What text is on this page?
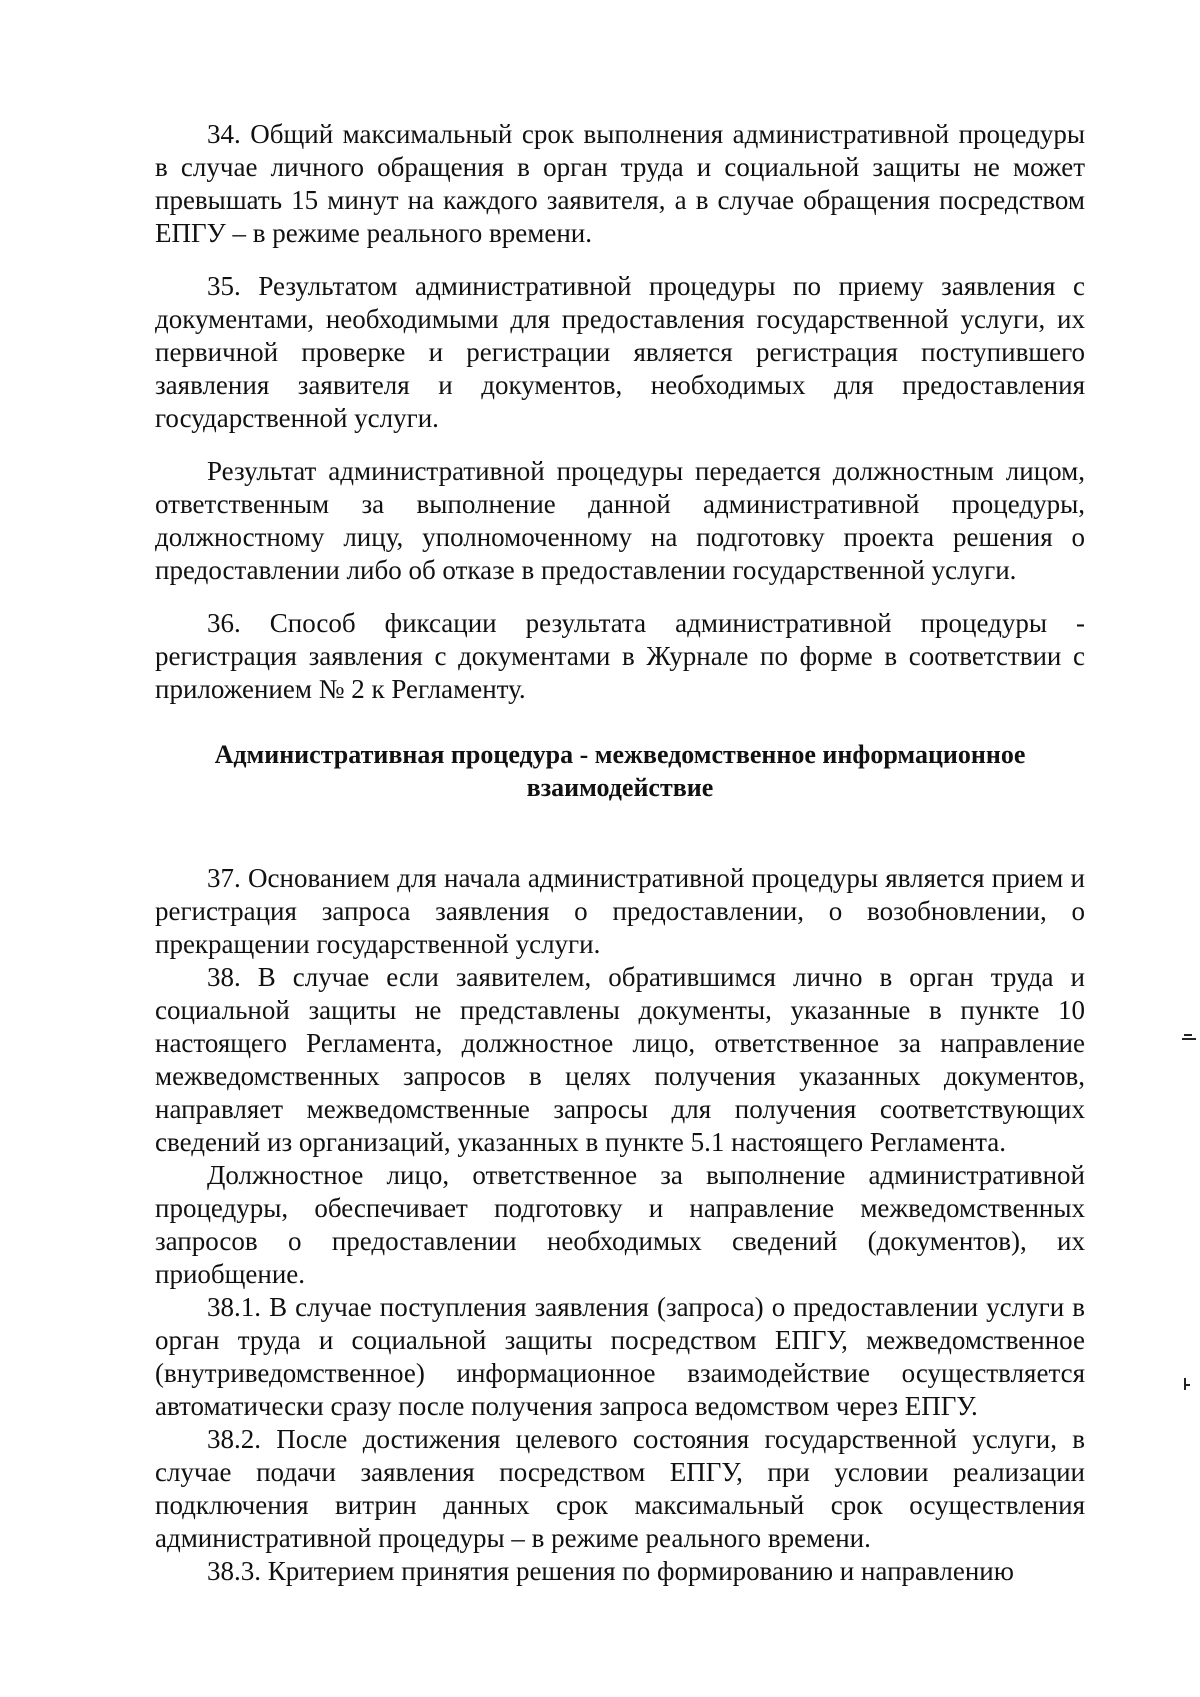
34. Общий максимальный срок выполнения административной процедуры в случае личного обращения в орган труда и социальной защиты не может превышать 15 минут на каждого заявителя, а в случае обращения посредством ЕПГУ – в режиме реального времени.

35. Результатом административной процедуры по приему заявления с документами, необходимыми для предоставления государственной услуги, их первичной проверке и регистрации является регистрация поступившего заявления заявителя и документов, необходимых для предоставления государственной услуги.

Результат административной процедуры передается должностным лицом, ответственным за выполнение данной административной процедуры, должностному лицу, уполномоченному на подготовку проекта решения о предоставлении либо об отказе в предоставлении государственной услуги.

36. Способ фиксации результата административной процедуры - регистрация заявления с документами в Журнале по форме в соответствии с приложением № 2 к Регламенту.

Административная процедура - межведомственное информационное взаимодействие

37. Основанием для начала административной процедуры является прием и регистрация запроса заявления о предоставлении, о возобновлении, о прекращении государственной услуги.

38. В случае если заявителем, обратившимся лично в орган труда и социальной защиты не представлены документы, указанные в пункте 10 настоящего Регламента, должностное лицо, ответственное за направление межведомственных запросов в целях получения указанных документов, направляет межведомственные запросы для получения соответствующих сведений из организаций, указанных в пункте 5.1 настоящего Регламента.

Должностное лицо, ответственное за выполнение административной процедуры, обеспечивает подготовку и направление межведомственных запросов о предоставлении необходимых сведений (документов), их приобщение.

38.1. В случае поступления заявления (запроса) о предоставлении услуги в орган труда и социальной защиты посредством ЕПГУ, межведомственное (внутриведомственное) информационное взаимодействие осуществляется автоматически сразу после получения запроса ведомством через ЕПГУ.

38.2. После достижения целевого состояния государственной услуги, в случае подачи заявления посредством ЕПГУ, при условии реализации подключения витрин данных срок максимальный срок осуществления административной процедуры – в режиме реального времени.

38.3. Критерием принятия решения по формированию и направлению
